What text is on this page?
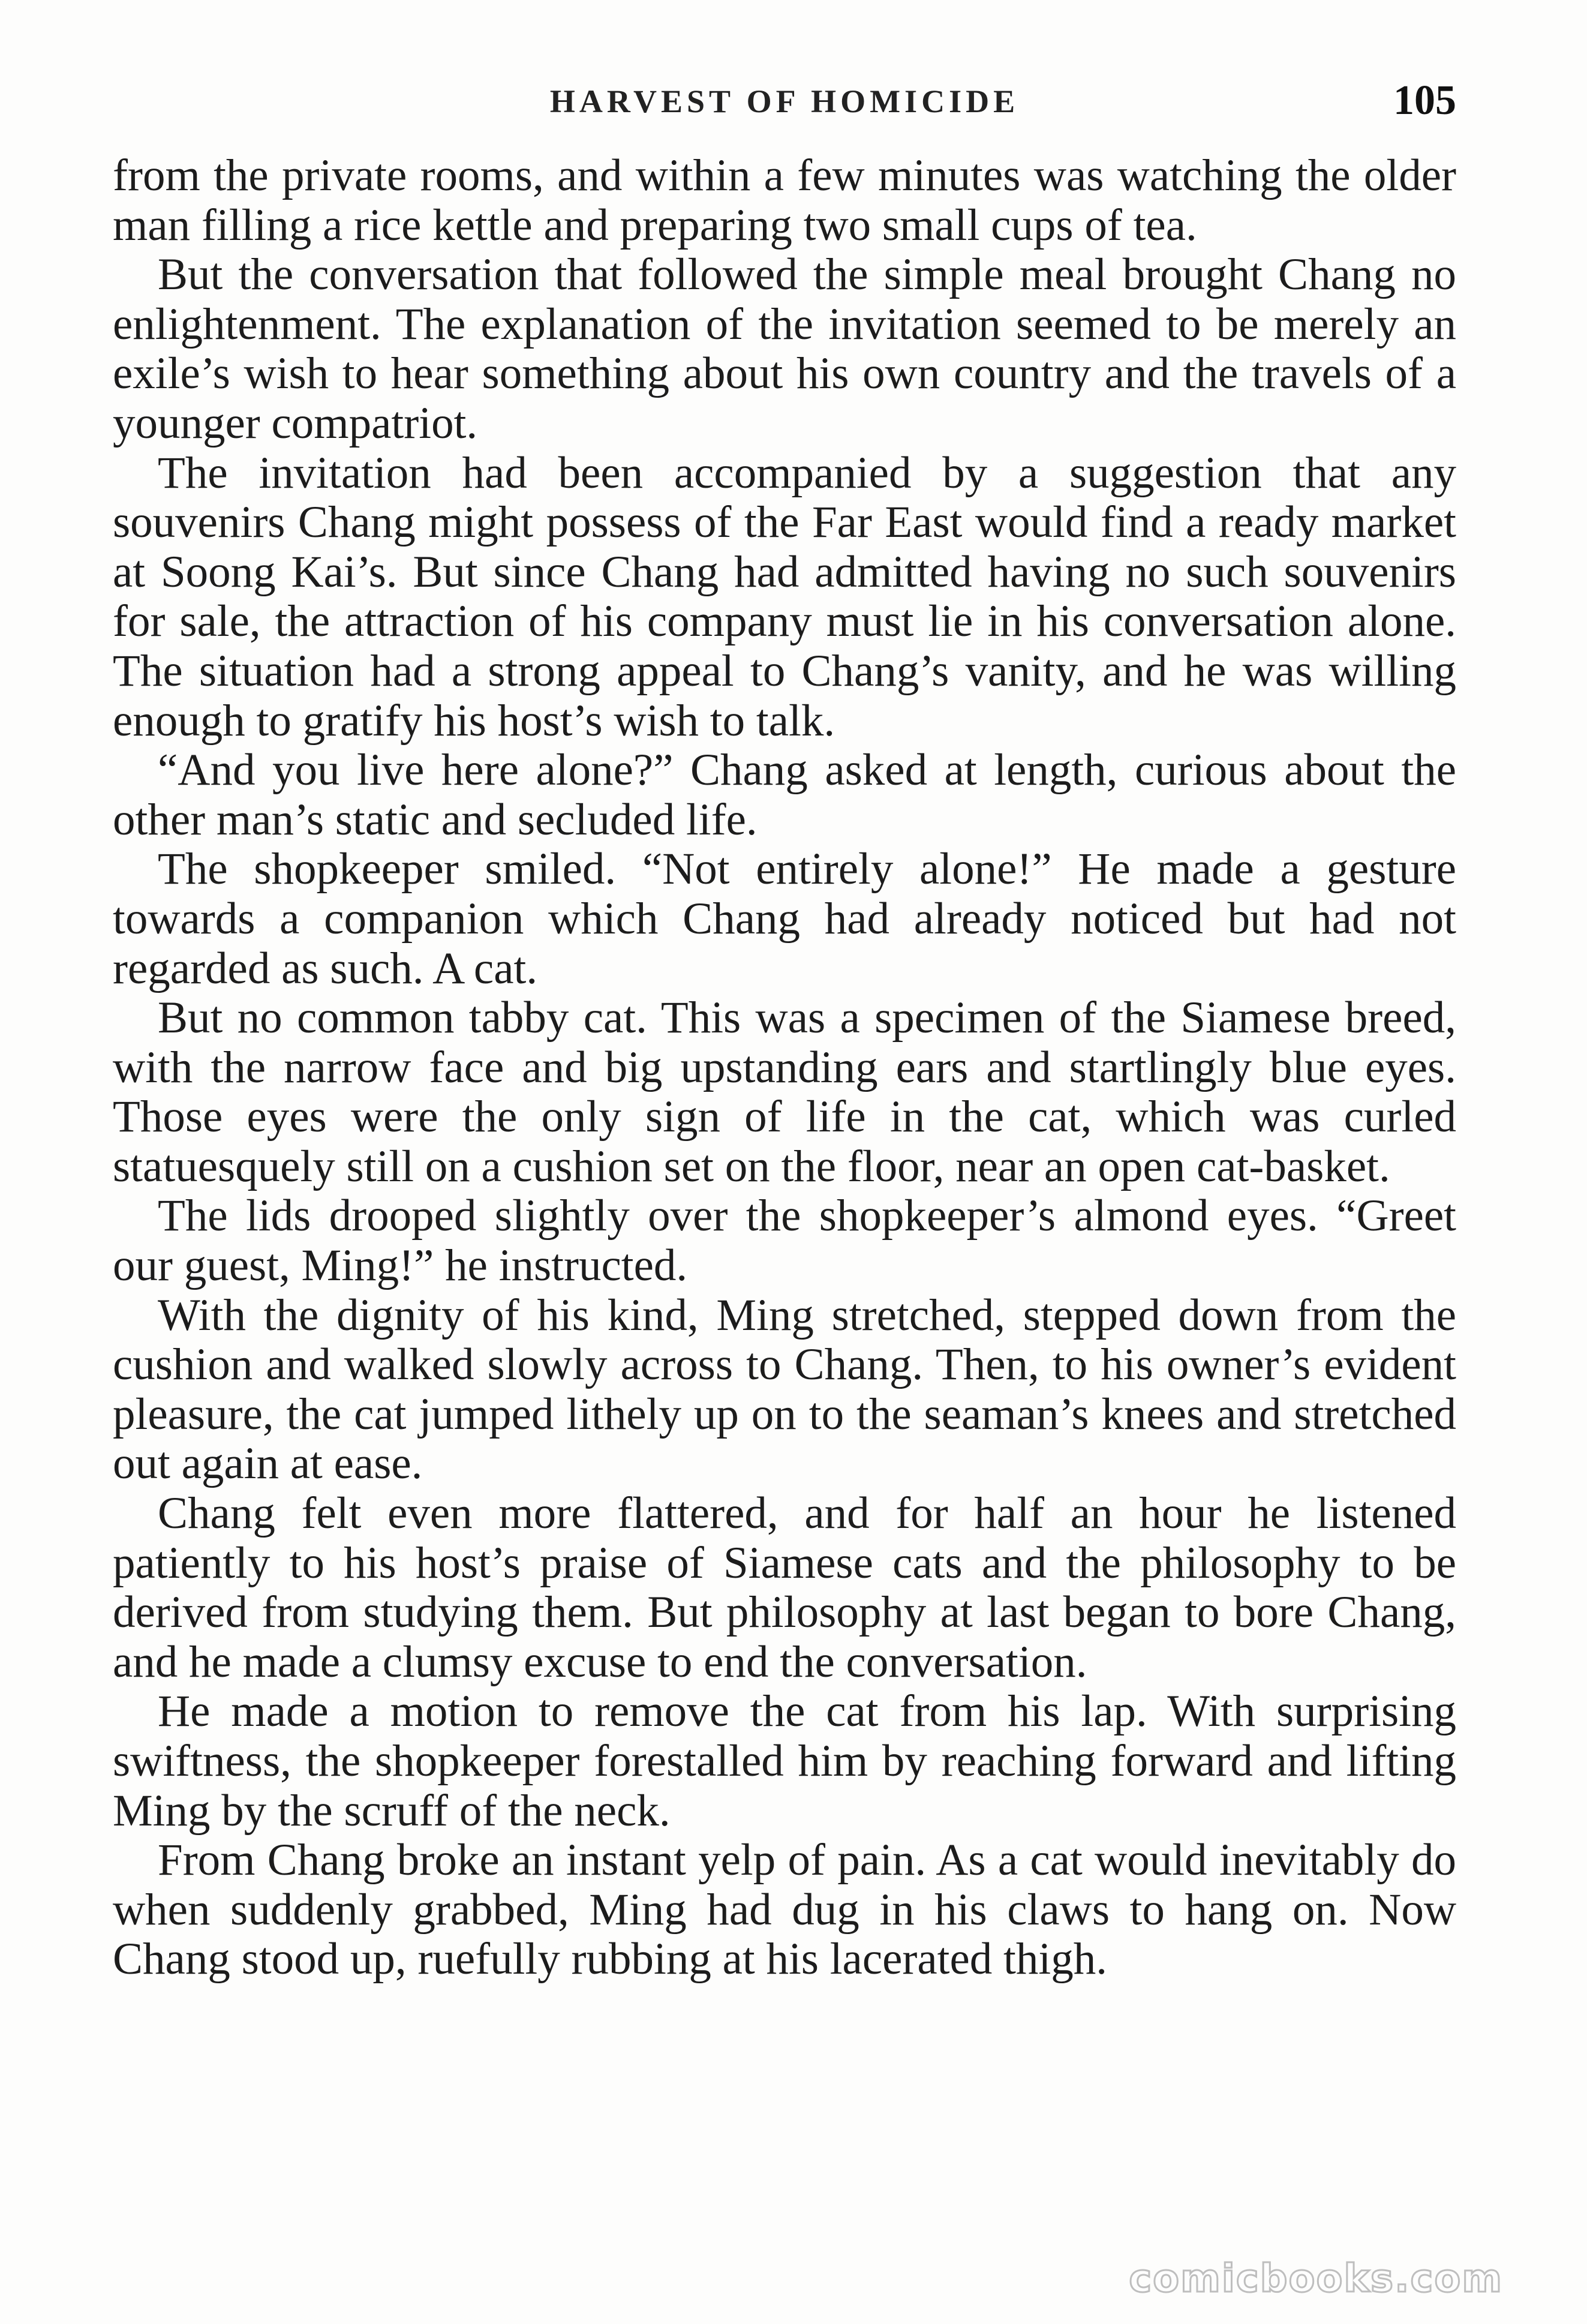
HARVEST OF HOMICIDE	105

from the private rooms, and within a few minutes was watching the older man filling a rice kettle and preparing two small cups of tea.

But the conversation that followed the simple meal brought Chang no enlightenment. The explanation of the invitation seemed to be merely an exile’s wish to hear something about his own country and the travels of a younger compatriot.

The invitation had been accompanied by a suggestion that any souvenirs Chang might possess of the Far East would find a ready market at Soong Kai’s. But since Chang had admitted having no such souvenirs for sale, the attraction of his company must lie in his conversation alone. The situation had a strong appeal to Chang’s vanity, and he was willing enough to gratify his host’s wish to talk.

“And you live here alone?” Chang asked at length, curious about the other man’s static and secluded life.

The shopkeeper smiled. “Not entirely alone!” He made a gesture towards a companion which Chang had already noticed but had not regarded as such. A cat.

But no common tabby cat. This was a specimen of the Siamese breed, with the narrow face and big upstanding ears and startlingly blue eyes. Those eyes were the only sign of life in the cat, which was curled statuesquely still on a cushion set on the floor, near an open cat-basket.

The lids drooped slightly over the shopkeeper’s almond eyes. “Greet our guest, Ming!” he instructed.

With the dignity of his kind, Ming stretched, stepped down from the cushion and walked slowly across to Chang. Then, to his owner’s evident pleasure, the cat jumped lithely up on to the seaman’s knees and stretched out again at ease.

Chang felt even more flattered, and for half an hour he listened patiently to his host’s praise of Siamese cats and the philosophy to be derived from studying them. But philosophy at last began to bore Chang, and he made a clumsy excuse to end the conversation.

He made a motion to remove the cat from his lap. With surprising swiftness, the shopkeeper forestalled him by reaching forward and lifting Ming by the scruff of the neck.

From Chang broke an instant yelp of pain. As a cat would inevitably do when suddenly grabbed, Ming had dug in his claws to hang on. Now Chang stood up, ruefully rubbing at his lacerated thigh.

comicbooks.com
